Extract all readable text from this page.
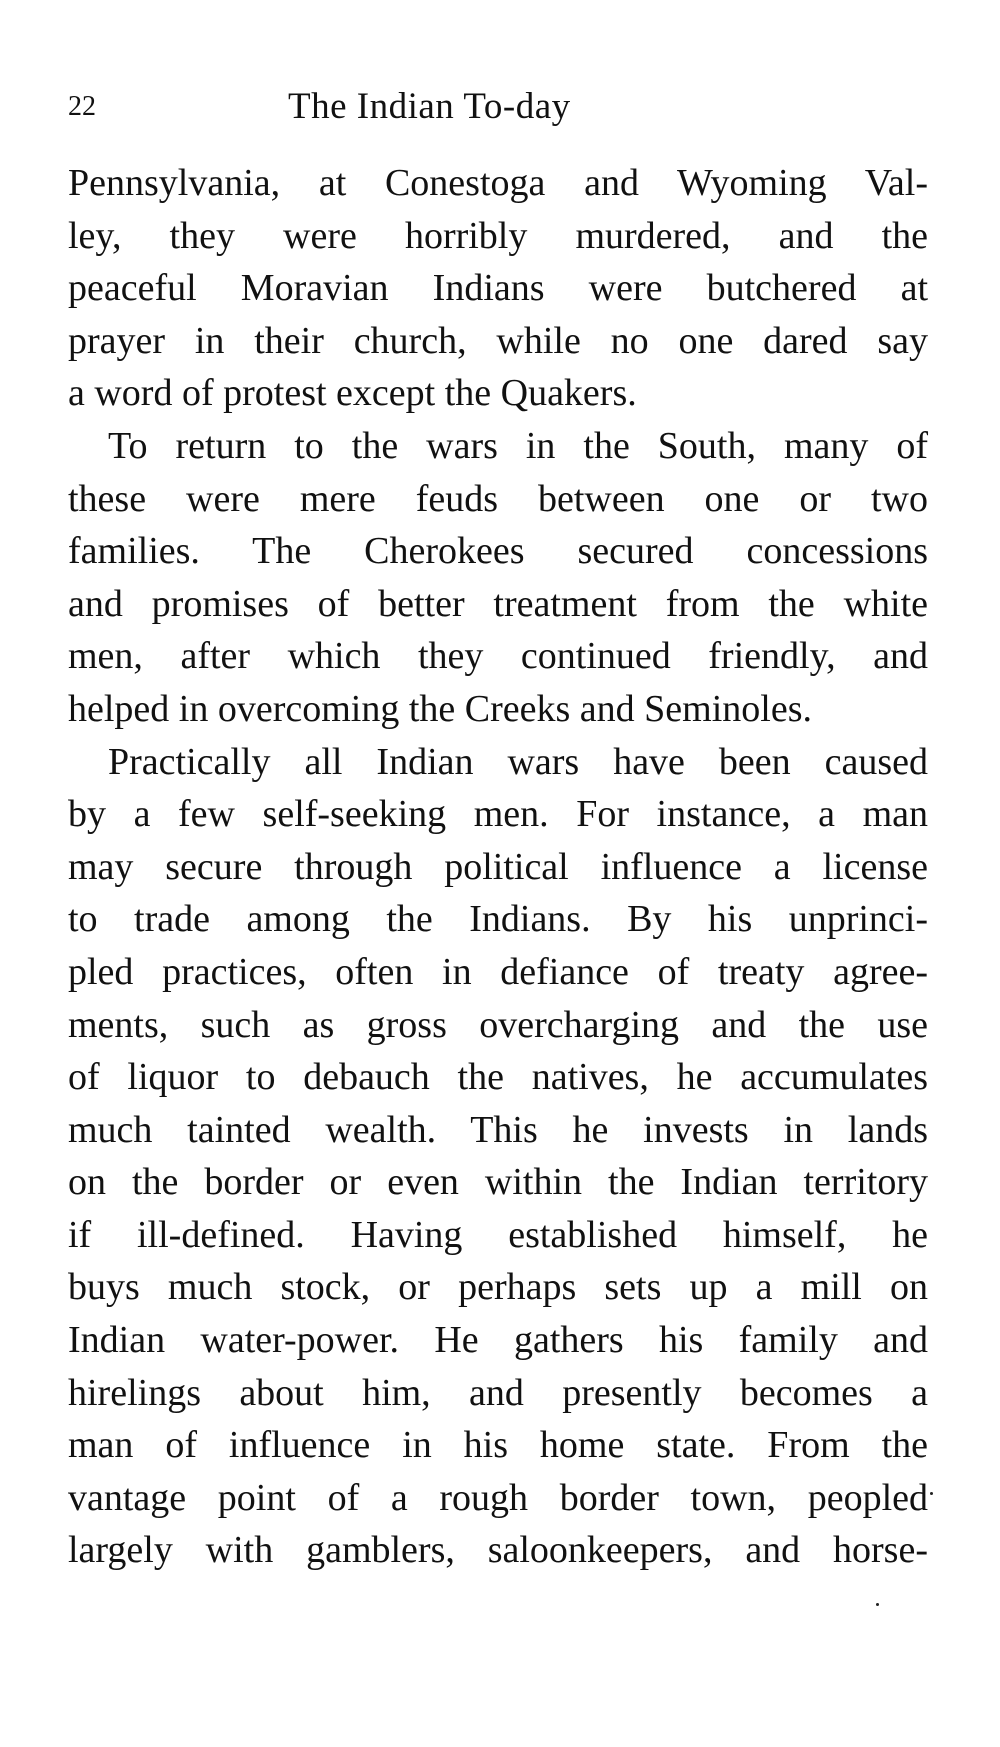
22	The Indian To-day
Pennsylvania, at Conestoga and Wyoming Val-
ley, they were horribly murdered, and the
peaceful Moravian Indians were butchered at
prayer in their church, while no one dared say
a word of protest except the Quakers.
To return to the wars in the South, many of
these were mere feuds between one or two
families. The Cherokees secured concessions
and promises of better treatment from the white
men, after which they continued friendly, and
helped in overcoming the Creeks and Seminoles.
Practically all Indian wars have been caused
by a few self-seeking men. For instance, a man
may secure through political influence a license
to trade among the Indians. By his unprinci-
pled practices, often in defiance of treaty agree-
ments, such as gross overcharging and the use
of liquor to debauch the natives, he accumulates
much tainted wealth. This he invests in lands
on the border or even within the Indian territory
if ill-defined. Having established himself, he
buys much stock, or perhaps sets up a mill on
Indian water-power. He gathers his family and
hirelings about him, and presently becomes a
man of influence in his home state. From the
vantage point of a rough border town, peopled
largely with gamblers, saloonkeepers, and horse-
